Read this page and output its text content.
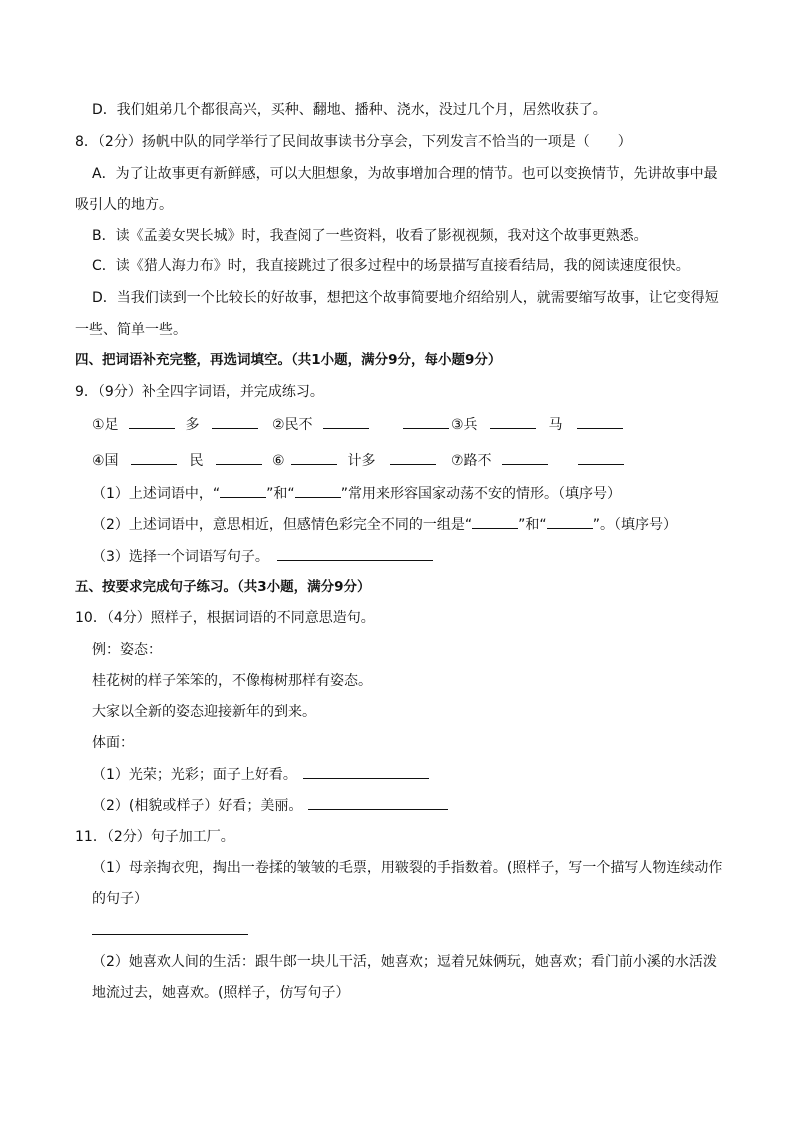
D．我们姐弟几个都很高兴，买种、翻地、播种、浇水，没过几个月，居然收获了。
8．（2分）扬帆中队的同学举行了民间故事读书分享会，下列发言不恰当的一项是（　　）
A．为了让故事更有新鲜感，可以大胆想象，为故事增加合理的情节。也可以变换情节，先讲故事中最
吸引人的地方。
B．读《孟姜女哭长城》时，我查阅了一些资料，收看了影视视频，我对这个故事更熟悉。
C．读《猎人海力布》时，我直接跳过了很多过程中的场景描写直接看结局，我的阅读速度很快。
D．当我们读到一个比较长的好故事，想把这个故事简要地介绍给别人，就需要缩写故事，让它变得短
一些、简单一些。
四、把词语补充完整，再选词填空。（共1小题，满分9分，每小题9分）
9．（9分）补全四字词语，并完成练习。
①足	多	②民不	③兵	马
④国	民	⑥	计多	⑦路不
（1）上述词语中，“	”和“	”常用来形容国家动荡不安的情形。（填序号）
（2）上述词语中，意思相近，但感情色彩完全不同的一组是“	”和“	”。（填序号）
（3）选择一个词语写句子。
五、按要求完成句子练习。（共3小题，满分9分）
10．（4分）照样子，根据词语的不同意思造句。
例：姿态：
桂花树的样子笨笨的，不像梅树那样有姿态。
大家以全新的姿态迎接新年的到来。
体面：
（1）光荣；光彩；面子上好看。
（2）(相貌或样子）好看；美丽。
11．（2分）句子加工厂。
（1）母亲掏衣兜，掏出一卷揉的皱皱的毛票，用皲裂的手指数着。(照样子，写一个描写人物连续动作
的句子）
（2）她喜欢人间的生活：跟牛郎一块儿干活，她喜欢；逗着兄妹俩玩，她喜欢；看门前小溪的水活泼
地流过去，她喜欢。(照样子，仿写句子）
